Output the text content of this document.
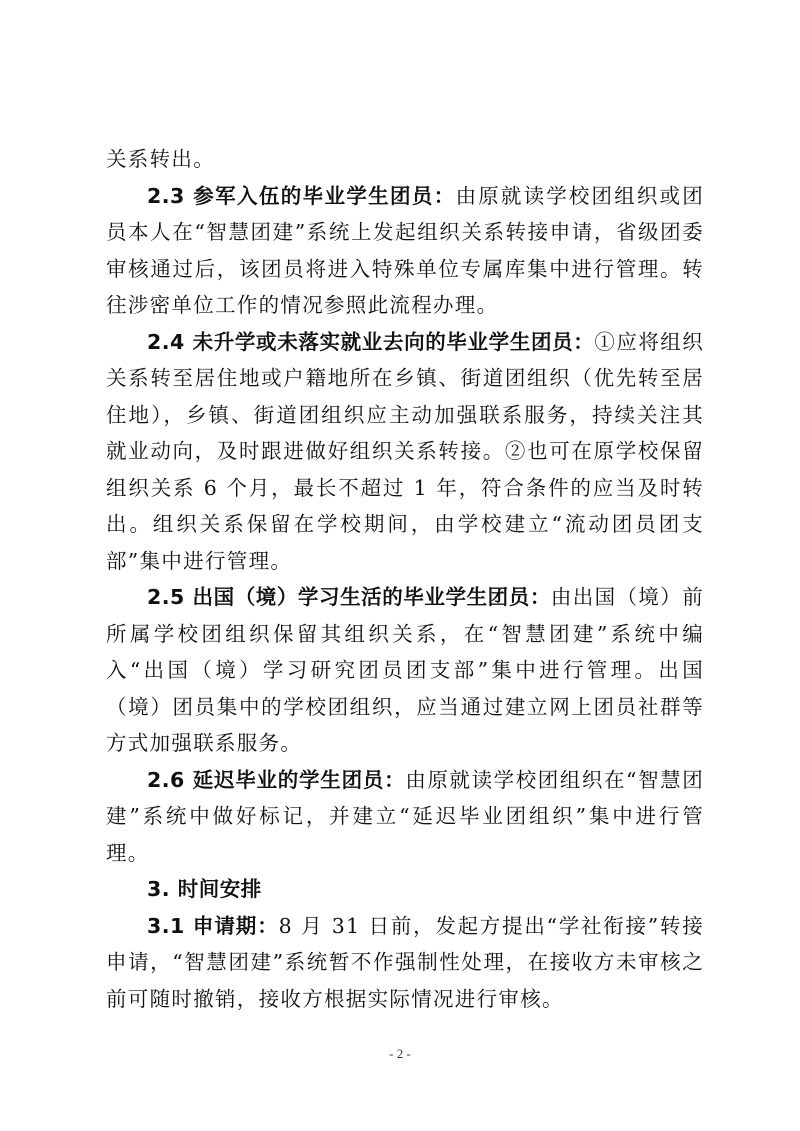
关系转出。

2.3 参军入伍的毕业学生团员：由原就读学校团组织或团员本人在“智慧团建”系统上发起组织关系转接申请，省级团委审核通过后，该团员将进入特殊单位专属库集中进行管理。转往涉密单位工作的情况参照此流程办理。

2.4 未升学或未落实就业去向的毕业学生团员：①应将组织关系转至居住地或户籍地所在乡镇、街道团组织（优先转至居住地），乡镇、街道团组织应主动加强联系服务，持续关注其就业动向，及时跟进做好组织关系转接。②也可在原学校保留组织关系 6 个月，最长不超过 1 年，符合条件的应当及时转出。组织关系保留在学校期间，由学校建立“流动团员团支部”集中进行管理。

2.5 出国（境）学习生活的毕业学生团员：由出国（境）前所属学校团组织保留其组织关系，在“智慧团建”系统中编入“出国（境）学习研究团员团支部”集中进行管理。出国（境）团员集中的学校团组织，应当通过建立网上团员社群等方式加强联系服务。

2.6 延迟毕业的学生团员：由原就读学校团组织在“智慧团建”系统中做好标记，并建立“延迟毕业团组织”集中进行管理。

3. 时间安排

3.1 申请期：8 月 31 日前，发起方提出“学社衔接”转接申请，“智慧团建”系统暂不作强制性处理，在接收方未审核之前可随时撤销，接收方根据实际情况进行审核。

- 2 -
